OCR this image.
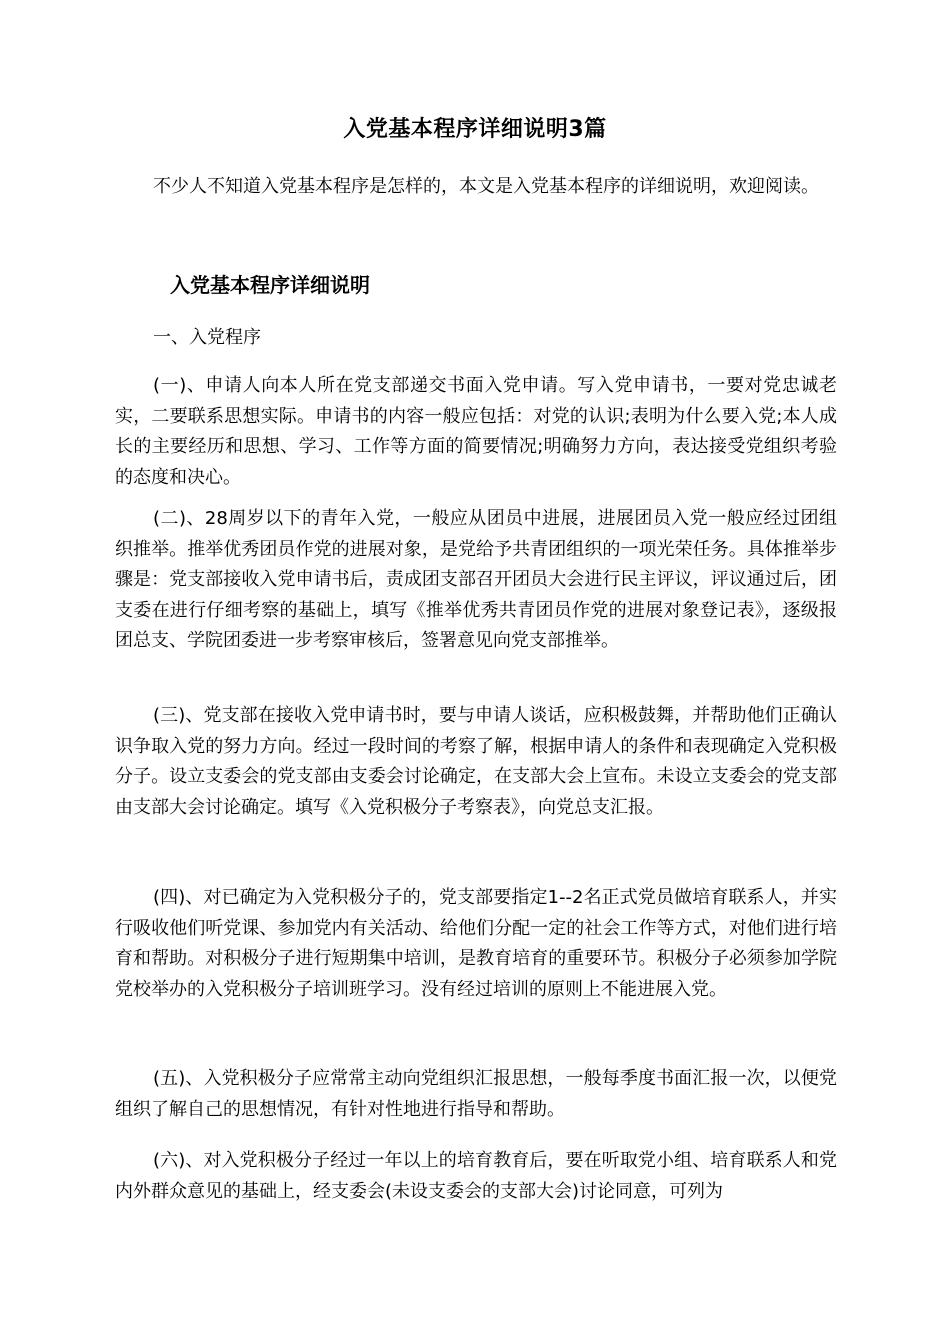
入党基本程序详细说明3篇

不少人不知道入党基本程序是怎样的，本文是入党基本程序的详细说明，欢迎阅读。

入党基本程序详细说明
一、入党程序

(一)、申请人向本人所在党支部递交书面入党申请。写入党申请书，一要对党忠诚老实，二要联系思想实际。申请书的内容一般应包括：对党的认识;表明为什么要入党;本人成长的主要经历和思想、学习、工作等方面的简要情况;明确努力方向，表达接受党组织考验的态度和决心。

(二)、28周岁以下的青年入党，一般应从团员中进展，进展团员入党一般应经过团组织推举。推举优秀团员作党的进展对象，是党给予共青团组织的一项光荣任务。具体推举步骤是：党支部接收入党申请书后，责成团支部召开团员大会进行民主评议，评议通过后，团支委在进行仔细考察的基础上，填写《推举优秀共青团员作党的进展对象登记表》，逐级报团总支、学院团委进一步考察审核后，签署意见向党支部推举。

(三)、党支部在接收入党申请书时，要与申请人谈话，应积极鼓舞，并帮助他们正确认识争取入党的努力方向。经过一段时间的考察了解，根据申请人的条件和表现确定入党积极分子。设立支委会的党支部由支委会讨论确定，在支部大会上宣布。未设立支委会的党支部由支部大会讨论确定。填写《入党积极分子考察表》，向党总支汇报。

(四)、对已确定为入党积极分子的，党支部要指定1--2名正式党员做培育联系人，并实行吸收他们听党课、参加党内有关活动、给他们分配一定的社会工作等方式，对他们进行培育和帮助。对积极分子进行短期集中培训，是教育培育的重要环节。积极分子必须参加学院党校举办的入党积极分子培训班学习。没有经过培训的原则上不能进展入党。

(五)、入党积极分子应常常主动向党组织汇报思想，一般每季度书面汇报一次，以便党组织了解自己的思想情况，有针对性地进行指导和帮助。

(六)、对入党积极分子经过一年以上的培育教育后，要在听取党小组、培育联系人和党内外群众意见的基础上，经支委会(未设支委会的支部大会)讨论同意，可列为
